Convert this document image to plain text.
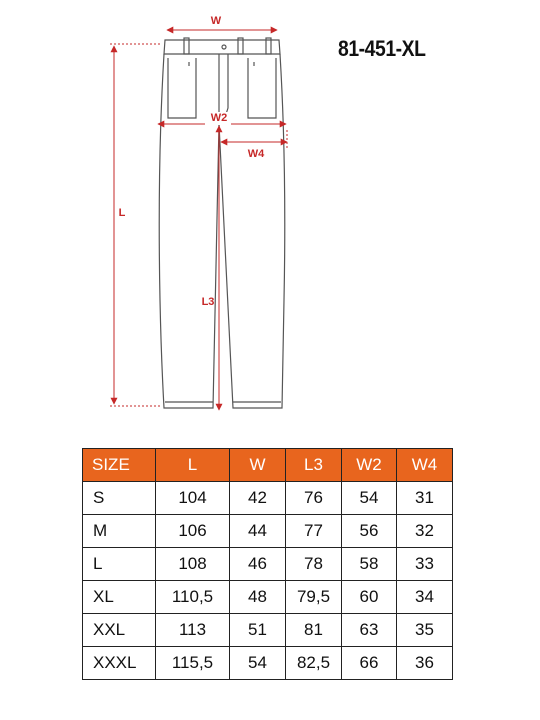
W
W2
W4
L
L3
81-451-XL
SIZE	L	W	L3	W2	W4
S	104	42	76	54	31
M	106	44	77	56	32
L	108	46	78	58	33
XL	110,5	48	79,5	60	34
XXL	113	51	81	63	35
XXXL	115,5	54	82,5	66	36
